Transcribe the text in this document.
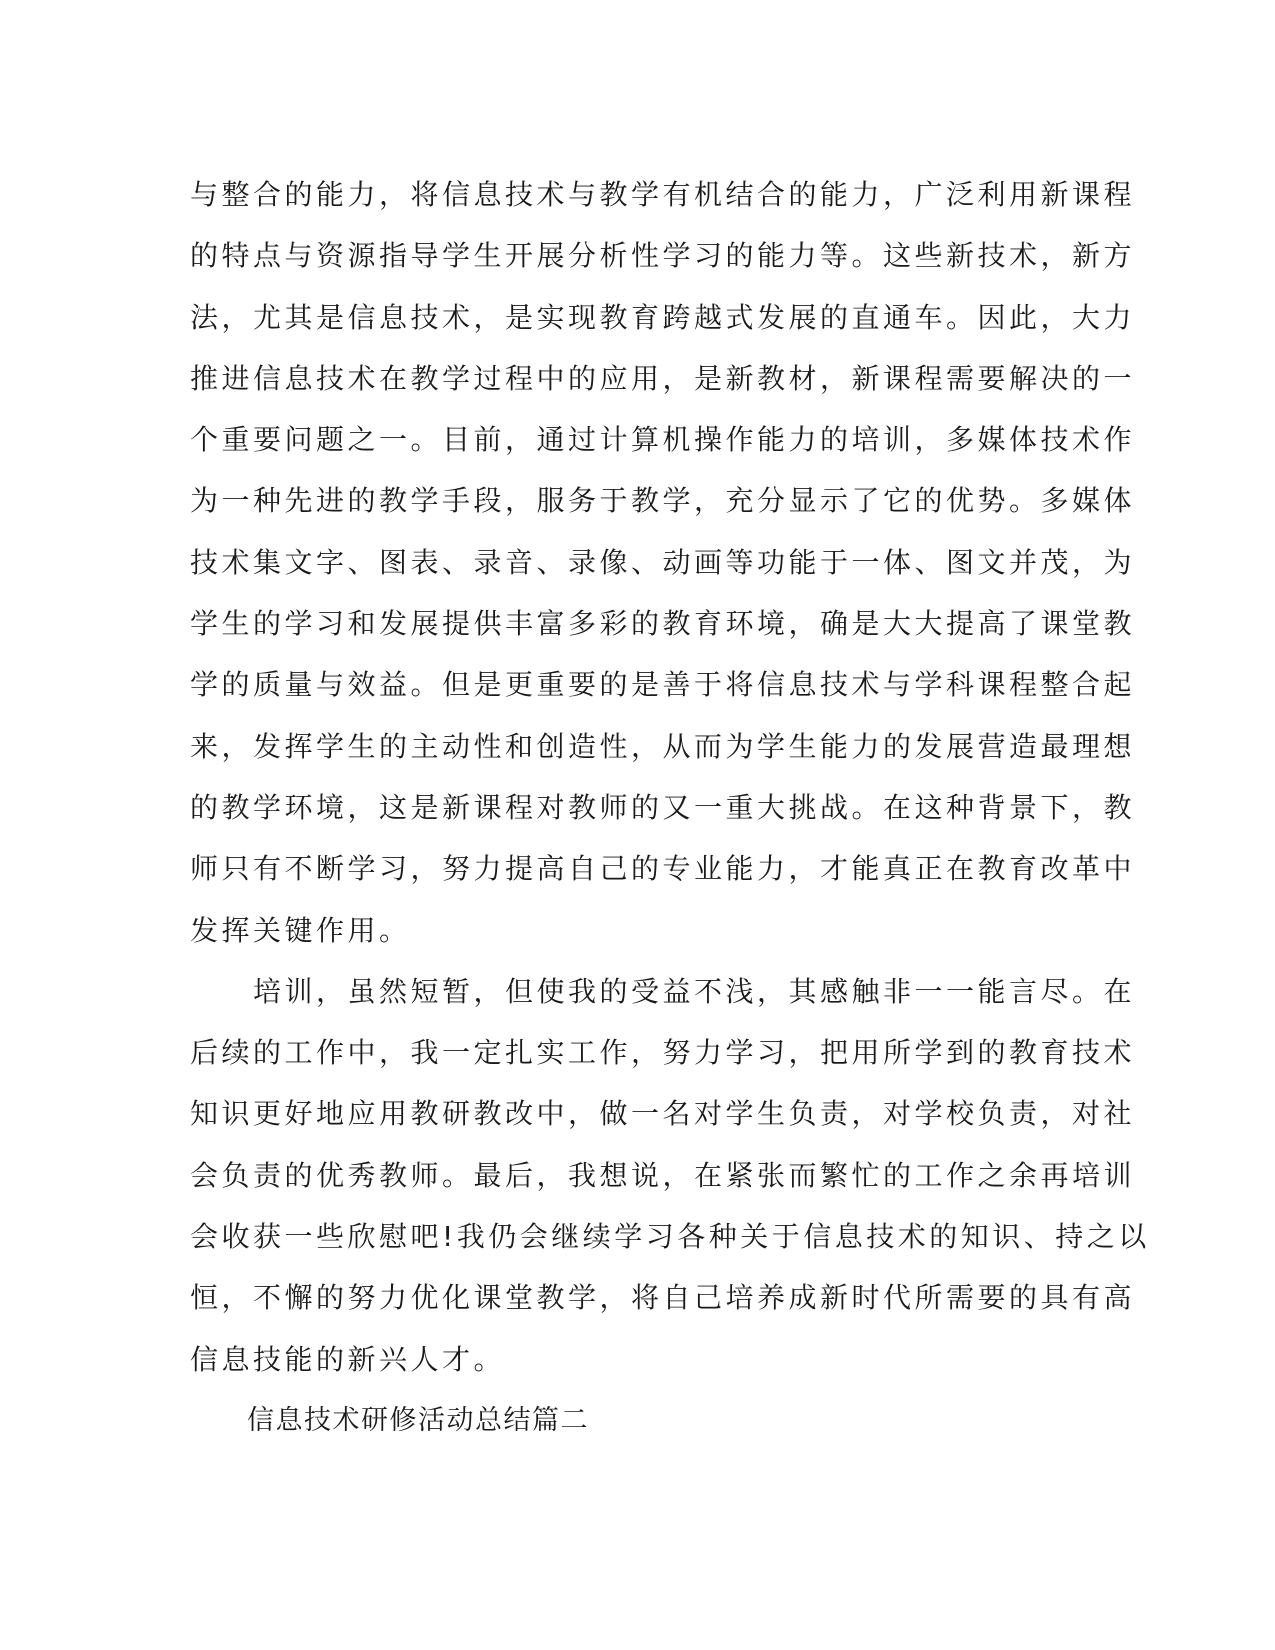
与整合的能力，将信息技术与教学有机结合的能力，广泛利用新课程
的特点与资源指导学生开展分析性学习的能力等。这些新技术，新方
法，尤其是信息技术，是实现教育跨越式发展的直通车。因此，大力
推进信息技术在教学过程中的应用，是新教材，新课程需要解决的一
个重要问题之一。目前，通过计算机操作能力的培训，多媒体技术作
为一种先进的教学手段，服务于教学，充分显示了它的优势。多媒体
技术集文字、图表、录音、录像、动画等功能于一体、图文并茂，为
学生的学习和发展提供丰富多彩的教育环境，确是大大提高了课堂教
学的质量与效益。但是更重要的是善于将信息技术与学科课程整合起
来，发挥学生的主动性和创造性，从而为学生能力的发展营造最理想
的教学环境，这是新课程对教师的又一重大挑战。在这种背景下，教
师只有不断学习，努力提高自己的专业能力，才能真正在教育改革中
发挥关键作用。
　　培训，虽然短暂，但使我的受益不浅，其感触非一一能言尽。在
后续的工作中，我一定扎实工作，努力学习，把用所学到的教育技术
知识更好地应用教研教改中，做一名对学生负责，对学校负责，对社
会负责的优秀教师。最后，我想说，在紧张而繁忙的工作之余再培训
会收获一些欣慰吧!我仍会继续学习各种关于信息技术的知识、持之以
恒，不懈的努力优化课堂教学，将自己培养成新时代所需要的具有高
信息技能的新兴人才。
　　信息技术研修活动总结篇二
